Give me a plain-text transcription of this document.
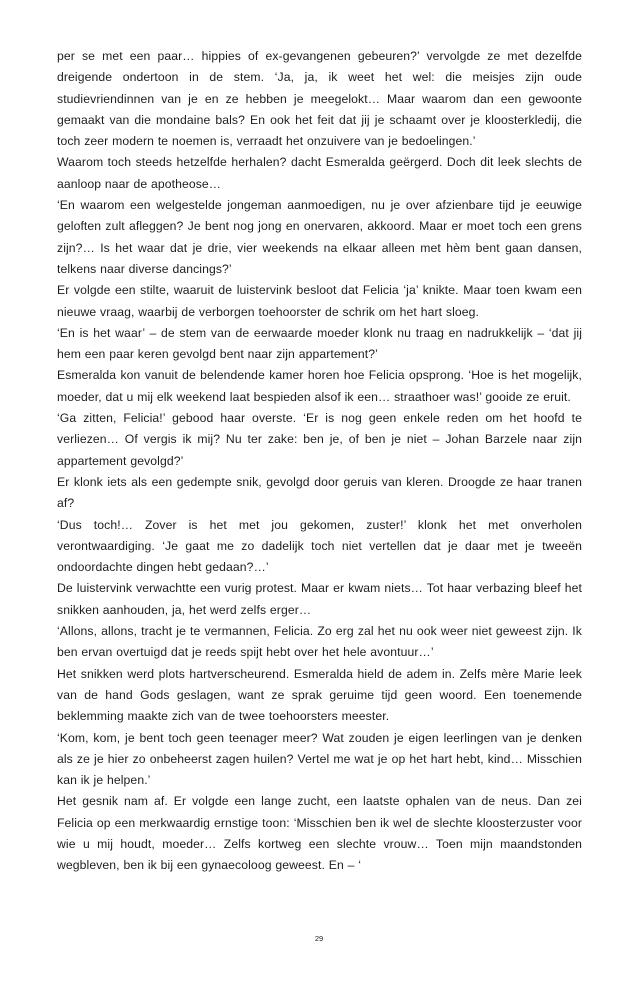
per se met een paar… hippies of ex-gevangenen gebeuren?’ vervolgde ze met dezelfde dreigende ondertoon in de stem. ‘Ja, ja, ik weet het wel: die meisjes zijn oude studievriendinnen van je en ze hebben je meegelokt… Maar waarom dan een gewoonte gemaakt van die mondaine bals? En ook het feit dat jij je schaamt over je kloosterkledij, die toch zeer modern te noemen is, verraadt het onzuivere van je bedoelingen.’

Waarom toch steeds hetzelfde herhalen? dacht Esmeralda geërgerd. Doch dit leek slechts de aanloop naar de apotheose…

‘En waarom een welgestelde jongeman aanmoedigen, nu je over afzienbare tijd je eeuwige geloften zult afleggen? Je bent nog jong en onervaren, akkoord. Maar er moet toch een grens zijn?… Is het waar dat je drie, vier weekends na elkaar alleen met hèm bent gaan dansen, telkens naar diverse dancings?’

Er volgde een stilte, waaruit de luistervink besloot dat Felicia ‘ja’ knikte. Maar toen kwam een nieuwe vraag, waarbij de verborgen toehoorster de schrik om het hart sloeg.

‘En is het waar’ – de stem van de eerwaarde moeder klonk nu traag en nadrukkelijk – ‘dat jij hem een paar keren gevolgd bent naar zijn appartement?’

Esmeralda kon vanuit de belendende kamer horen hoe Felicia opsprong. ‘Hoe is het mogelijk, moeder, dat u mij elk weekend laat bespieden alsof ik een… straathoer was!’ gooide ze eruit.

‘Ga zitten, Felicia!’ gebood haar overste. ‘Er is nog geen enkele reden om het hoofd te verliezen… Of vergis ik mij? Nu ter zake: ben je, of ben je niet – Johan Barzele naar zijn appartement gevolgd?’

Er klonk iets als een gedempte snik, gevolgd door geruis van kleren. Droogde ze haar tranen af?

‘Dus toch!… Zover is het met jou gekomen, zuster!’ klonk het met onverholen verontwaardiging. ‘Je gaat me zo dadelijk toch niet vertellen dat je daar met je tweeën ondoordachte dingen hebt gedaan?…’

De luistervink verwachtte een vurig protest. Maar er kwam niets… Tot haar verbazing bleef het snikken aanhouden, ja, het werd zelfs erger…

‘Allons, allons, tracht je te vermannen, Felicia. Zo erg zal het nu ook weer niet geweest zijn. Ik ben ervan overtuigd dat je reeds spijt hebt over het hele avontuur…’

Het snikken werd plots hartverscheurend. Esmeralda hield de adem in. Zelfs mère Marie leek van de hand Gods geslagen, want ze sprak geruime tijd geen woord. Een toenemende beklemming maakte zich van de twee toehoorsters meester.

‘Kom, kom, je bent toch geen teenager meer? Wat zouden je eigen leerlingen van je denken als ze je hier zo onbeheerst zagen huilen? Vertel me wat je op het hart hebt, kind… Misschien kan ik je helpen.’

Het gesnik nam af. Er volgde een lange zucht, een laatste ophalen van de neus. Dan zei Felicia op een merkwaardig ernstige toon: ‘Misschien ben ik wel de slechte kloosterzuster voor wie u mij houdt, moeder… Zelfs kortweg een slechte vrouw… Toen mijn maandstonden wegbleven, ben ik bij een gynaecoloog geweest. En – ‘

29
